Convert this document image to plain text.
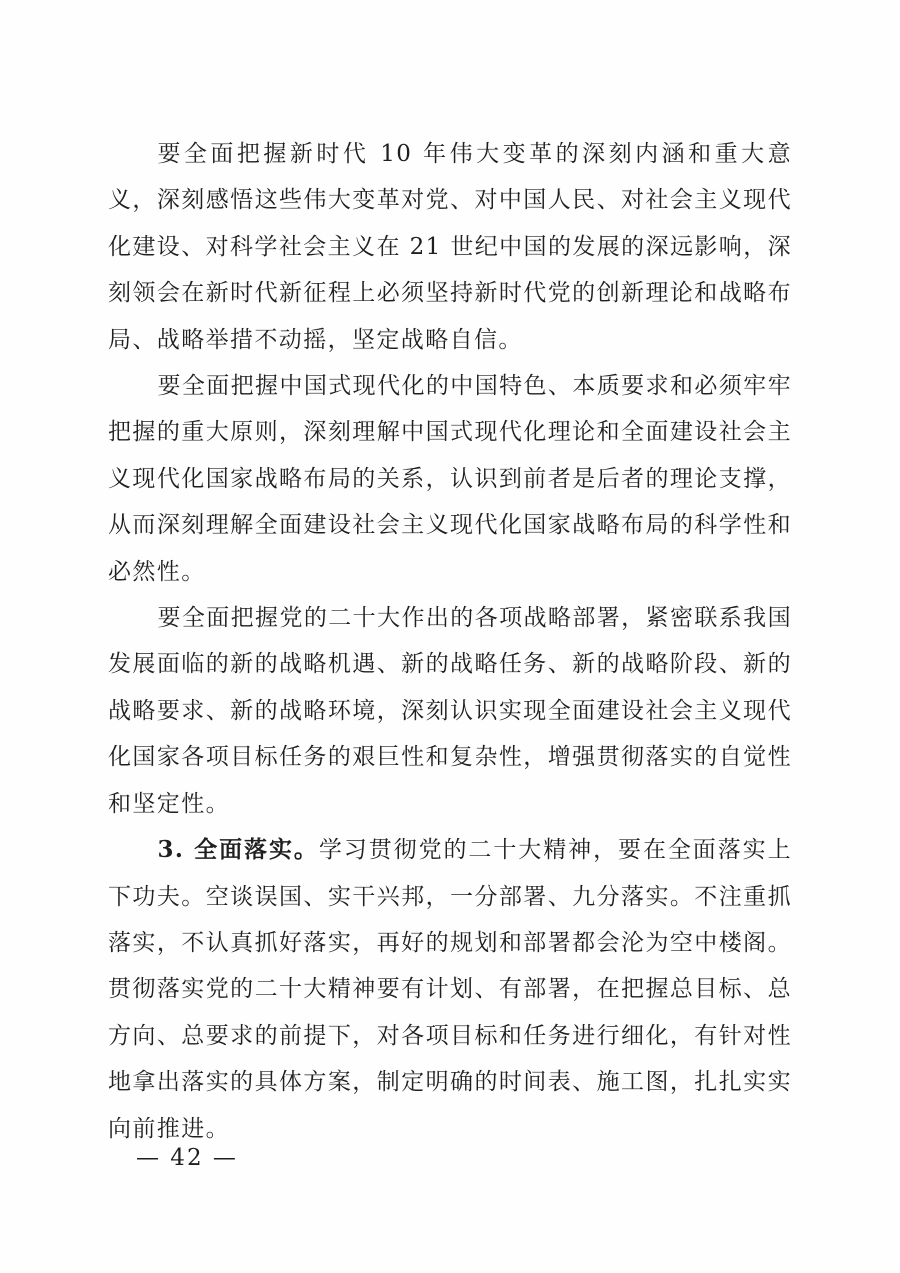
要全面把握新时代 10 年伟大变革的深刻内涵和重大意义，深刻感悟这些伟大变革对党、对中国人民、对社会主义现代化建设、对科学社会主义在 21 世纪中国的发展的深远影响，深刻领会在新时代新征程上必须坚持新时代党的创新理论和战略布局、战略举措不动摇，坚定战略自信。

要全面把握中国式现代化的中国特色、本质要求和必须牢牢把握的重大原则，深刻理解中国式现代化理论和全面建设社会主义现代化国家战略布局的关系，认识到前者是后者的理论支撑，从而深刻理解全面建设社会主义现代化国家战略布局的科学性和必然性。

要全面把握党的二十大作出的各项战略部署，紧密联系我国发展面临的新的战略机遇、新的战略任务、新的战略阶段、新的战略要求、新的战略环境，深刻认识实现全面建设社会主义现代化国家各项目标任务的艰巨性和复杂性，增强贯彻落实的自觉性和坚定性。

3. 全面落实。学习贯彻党的二十大精神，要在全面落实上下功夫。空谈误国、实干兴邦，一分部署、九分落实。不注重抓落实，不认真抓好落实，再好的规划和部署都会沦为空中楼阁。贯彻落实党的二十大精神要有计划、有部署，在把握总目标、总方向、总要求的前提下，对各项目标和任务进行细化，有针对性地拿出落实的具体方案，制定明确的时间表、施工图，扎扎实实向前推进。

— 42 —
